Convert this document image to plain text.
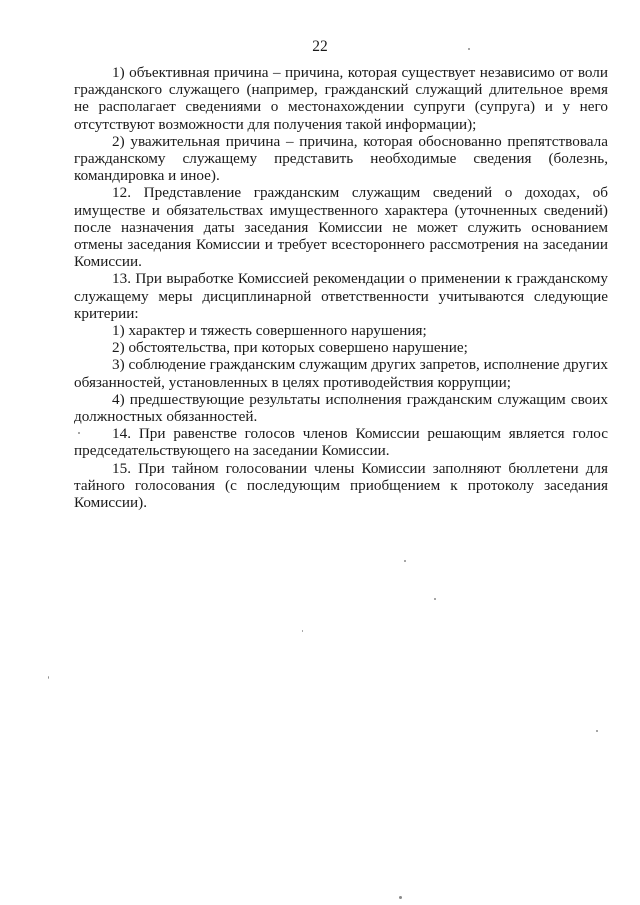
22

1) объективная причина – причина, которая существует независимо от воли гражданского служащего (например, гражданский служащий длительное время не располагает сведениями о местонахождении супруги (супруга) и у него отсутствуют возможности для получения такой информации);

2) уважительная причина – причина, которая обоснованно препятствовала гражданскому служащему представить необходимые сведения (болезнь, командировка и иное).

12. Представление гражданским служащим сведений о доходах, об имуществе и обязательствах имущественного характера (уточненных сведений) после назначения даты заседания Комиссии не может служить основанием отмены заседания Комиссии и требует всестороннего рассмотрения на заседании Комиссии.

13. При выработке Комиссией рекомендации о применении к гражданскому служащему меры дисциплинарной ответственности учитываются следующие критерии:

1) характер и тяжесть совершенного нарушения;

2) обстоятельства, при которых совершено нарушение;

3) соблюдение гражданским служащим других запретов, исполнение других обязанностей, установленных в целях противодействия коррупции;

4) предшествующие результаты исполнения гражданским служащим своих должностных обязанностей.

14. При равенстве голосов членов Комиссии решающим является голос председательствующего на заседании Комиссии.

15. При тайном голосовании члены Комиссии заполняют бюллетени для тайного голосования (с последующим приобщением к протоколу заседания Комиссии).
